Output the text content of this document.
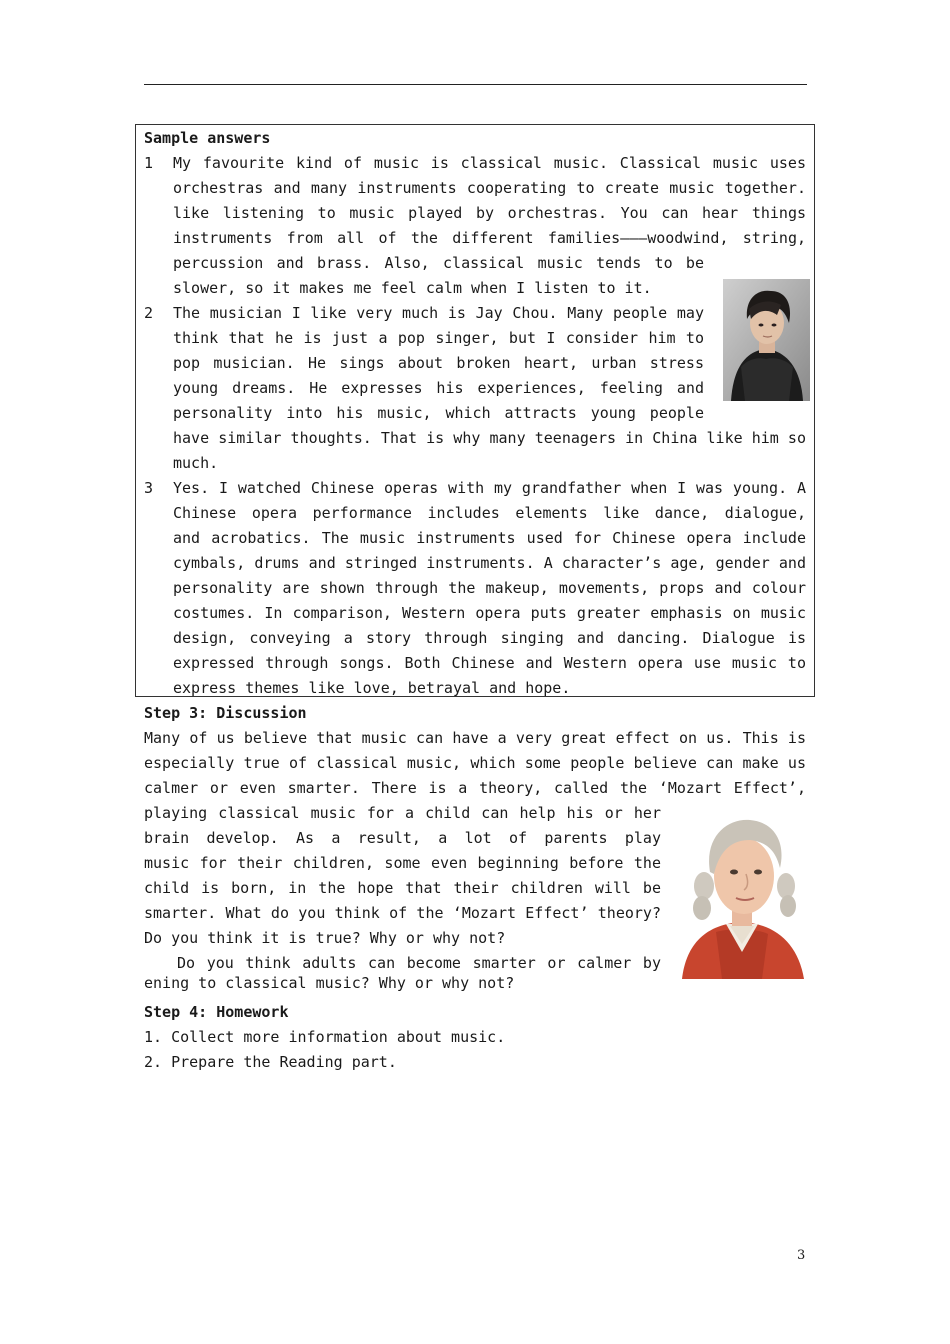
Sample answers
1 My favourite kind of music is classical music. Classical music uses
orchestras and many instruments cooperating to create music together.
like listening to music played by orchestras. You can hear things
instruments from all of the different families———woodwind, string,
percussion and brass. Also, classical music tends to be
slower, so it makes me feel calm when I listen to it.
2 The musician I like very much is Jay Chou. Many people may
think that he is just a pop singer, but I consider him to
pop musician. He sings about broken heart, urban stress
young dreams. He expresses his experiences, feeling and
personality into his music, which attracts young people
have similar thoughts. That is why many teenagers in China like him so
much.
3 Yes. I watched Chinese operas with my grandfather when I was young. A
Chinese opera performance includes elements like dance, dialogue,
and acrobatics. The music instruments used for Chinese opera include
cymbals, drums and stringed instruments. A character’s age, gender and
personality are shown through the makeup, movements, props and colour
costumes. In comparison, Western opera puts greater emphasis on music
design, conveying a story through singing and dancing. Dialogue is
expressed through songs. Both Chinese and Western opera use music to
express themes like love, betrayal and hope.
Step 3: Discussion
Many of us believe that music can have a very great effect on us. This is
especially true of classical music, which some people believe can make us
calmer or even smarter. There is a theory, called the ‘Mozart Effect’,
playing classical music for a child can help his or her
brain develop. As a result, a lot of parents play
music for their children, some even beginning before the
child is born, in the hope that their children will be
smarter. What do you think of the ‘Mozart Effect’ theory?
Do you think it is true? Why or why not?
Do you think adults can become smarter or calmer by
ening to classical music? Why or why not?
Step 4: Homework
1. Collect more information about music.
2. Prepare the Reading part.
3
